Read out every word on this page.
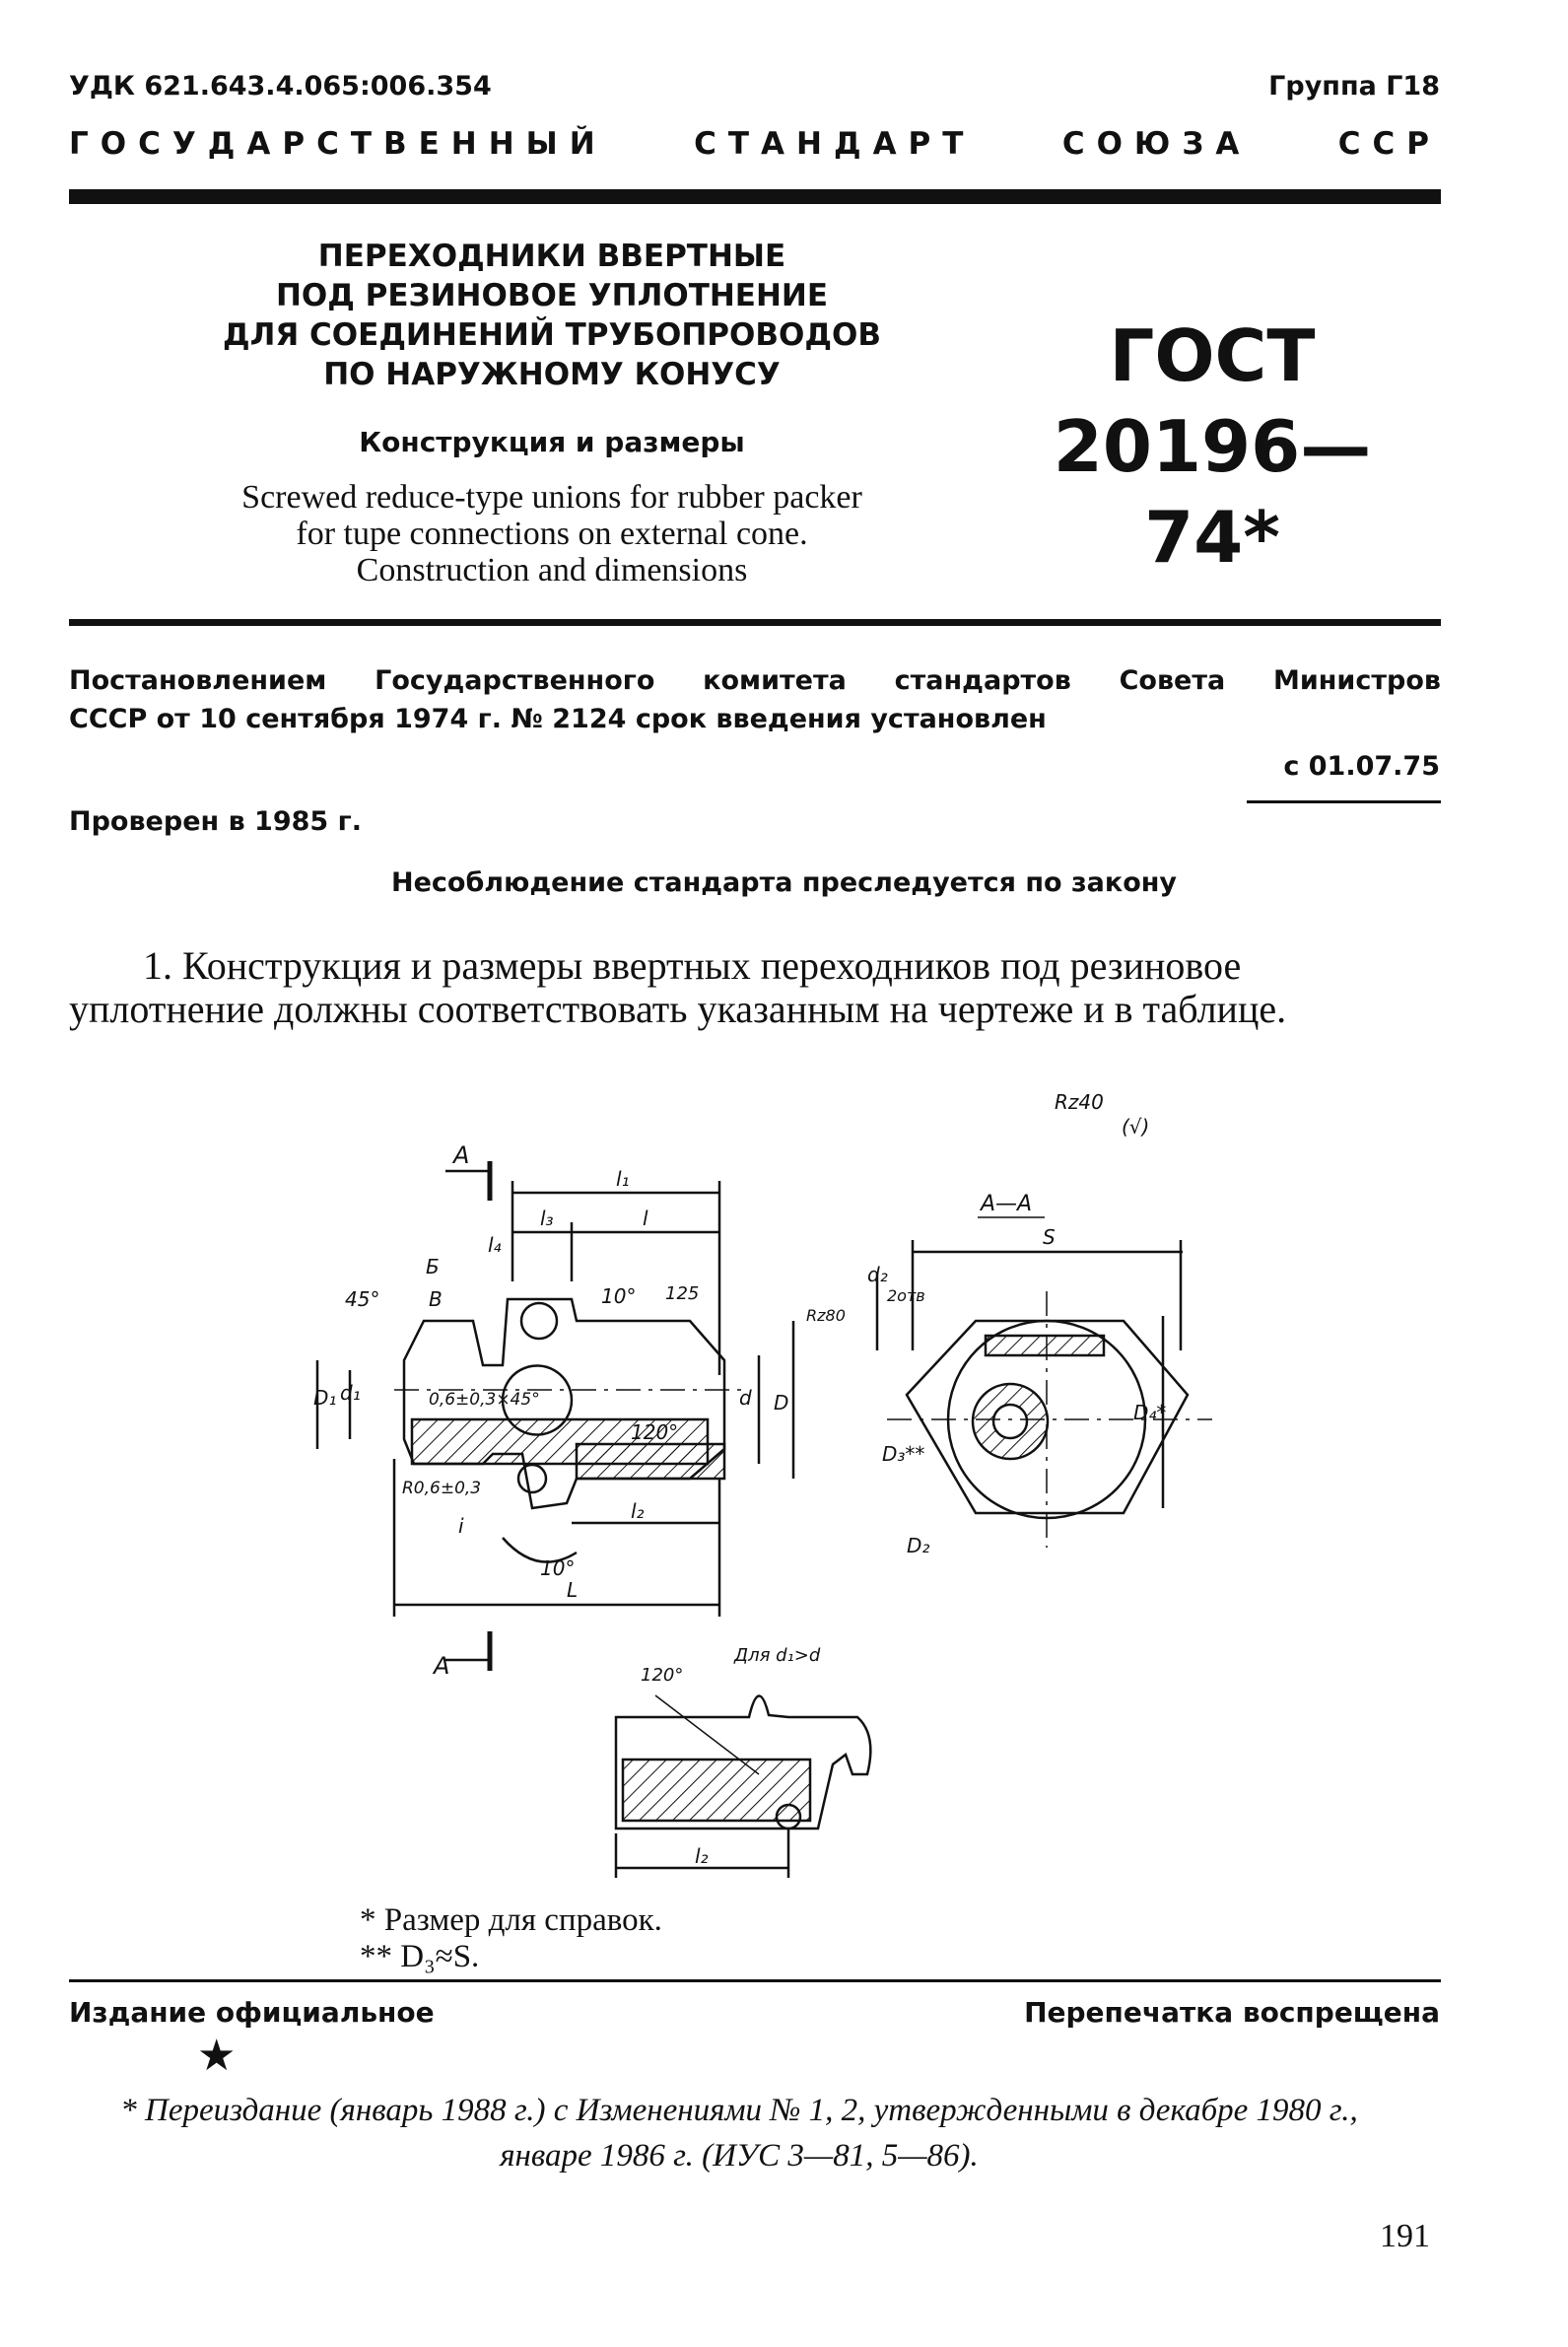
УДК 621.643.4.065:006.354	Группа Г18
ГОСУДАРСТВЕННЫЙ	СТАНДАРТ	СОЮЗА	ССР
ПЕРЕХОДНИКИ ВВЕРТНЫЕ
ПОД РЕЗИНОВОЕ УПЛОТНЕНИЕ
ДЛЯ СОЕДИНЕНИЙ ТРУБОПРОВОДОВ
ПО НАРУЖНОМУ КОНУСУ
Конструкция и размеры
Screwed reduce-type unions for rubber packer
for tupe connections on external cone.
Construction and dimensions
ГОСТ
20196—74*
Постановлением Государственного комитета стандартов Совета Министров
СССР от 10 сентября 1974 г. № 2124 срок введения установлен
с 01.07.75
Проверен в 1985 г.
Несоблюдение стандарта преследуется по закону
1. Конструкция и размеры ввертных переходников под резиновое уплотнение должны соответствовать указанным на чертеже и в таблице.
Rz40
(√)
А
l₁
l₃	l
l₄
Б
В
45°	10° 125
0,6±0,3×45°
D₁ d₁	d D
120°
R0,6±0,3
i
l₂
10°
L
А
А—А
S
d₂
2отв
Rz80
D₃**
D₄*
D₂
120°
Для d₁>d
l₂
* Размер для справок.
** D₃≈S.
Издание официальное	Перепечатка воспрещена
★
* Переиздание (январь 1988 г.) с Изменениями № 1, 2, утвержденными в декабре 1980 г., январе 1986 г. (ИУС 3—81, 5—86).
191
